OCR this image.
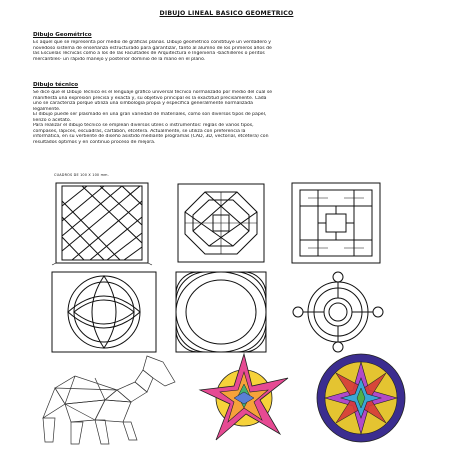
DIBUJO LINEAL BASICO GEOMETRICO
Dibujo Geométrico
Es aquel que se representa por medio de gráficas planas. Dibujo geométrico constituye un verdadero y
novedoso sistema de enseñanza estructurado para garantizar, tanto al alumno de los primeros años de
las Escuelas Técnicas como a los de las Facultades de Arquitectura e Ingeniería -bachilleres o peritos
mercantiles- un rápido manejo y posterior dominio de la mano en el plano.
Dibujo técnico
Se dice que el Dibujo Técnico es el lenguaje gráfico universal técnico normalizado por medio del cual se
manifiesta una expresión precisa y exacta y, su objetivo principal es la exactitud precisamente. Cada
uno se caracteriza porque utiliza una simbología propia y específica generalmente normalizada
legalmente.
El dibujo puede ser plasmado en una gran variedad de materiales, como son diversos tipos de papel,
lienzo o acetato.
Para realizar el dibujo técnico se emplean diversos útiles o instrumentos: reglas de varios tipos,
compases, lápices, escuadras, cartabón, etcétera. Actualmente, se utiliza con preferencia la
informática, en su vertiente de diseño asistido mediante programas (CAD, 3D, vectorial, etcétera) con
resultados óptimos y en continuo proceso de mejora.
CUADROS DE 100 X 100 mm.
